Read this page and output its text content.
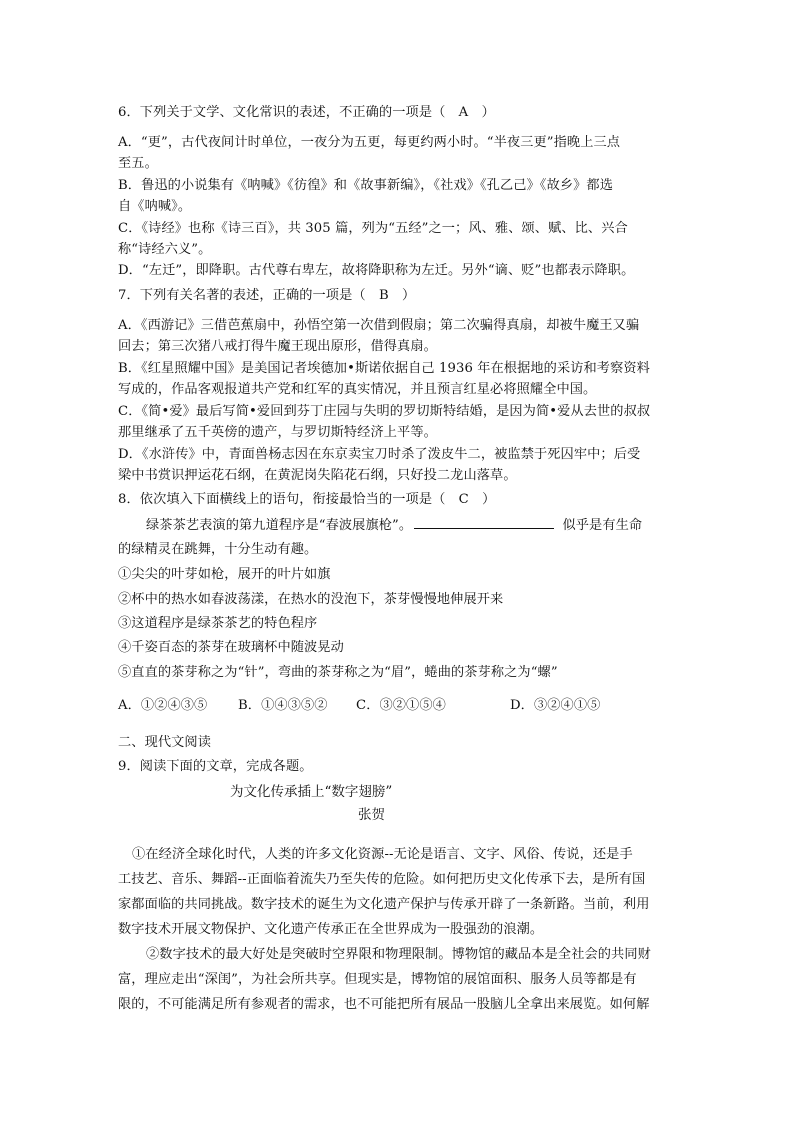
6．下列关于文学、文化常识的表述，不正确的一项是（　A　）
A．“更”，古代夜间计时单位，一夜分为五更，每更约两小时。“半夜三更”指晚上三点
至五。
B．鲁迅的小说集有《呐喊》《彷徨》和《故事新编》，《社戏》《孔乙己》《故乡》都选
自《呐喊》。
C．《诗经》也称《诗三百》，共 305 篇，列为“五经”之一；风、雅、颂、赋、比、兴合
称“诗经六义”。
D．“左迁”，即降职。古代尊右卑左，故将降职称为左迁。另外“谪、贬”也都表示降职。
7．下列有关名著的表述，正确的一项是（　B　）
A．《西游记》三借芭蕉扇中，孙悟空第一次借到假扇；第二次骗得真扇，却被牛魔王又骗
回去；第三次猪八戒打得牛魔王现出原形，借得真扇。
B．《红星照耀中国》是美国记者埃德加•斯诺依据自己 1936 年在根据地的采访和考察资料
写成的，作品客观报道共产党和红军的真实情况，并且预言红星必将照耀全中国。
C．《简•爱》最后写简•爱回到芬丁庄园与失明的罗切斯特结婚，是因为简•爱从去世的叔叔
那里继承了五千英傍的遗产，与罗切斯特经济上平等。
D．《水浒传》中，青面兽杨志因在东京卖宝刀时杀了泼皮牛二，被监禁于死囚牢中；后受
梁中书赏识押运花石纲，在黄泥岗失陷花石纲，只好投二龙山落草。
8．依次填入下面横线上的语句，衔接最恰当的一项是（　C　）
绿茶茶艺表演的第九道程序是“春波展旗枪”。	似乎是有生命
的绿精灵在跳舞，十分生动有趣。
①尖尖的叶芽如枪，展开的叶片如旗
②杯中的热水如春波荡漾，在热水的没泡下，茶芽慢慢地伸展开来
③这道程序是绿茶茶艺的特色程序
④千姿百态的茶芽在玻璃杯中随波晃动
⑤直直的茶芽称之为“针”，弯曲的茶芽称之为“眉”，蜷曲的茶芽称之为“螺”
A．①②④③⑤ B．①④③⑤② C．③②①⑤④	D．③②④①⑤
二、现代文阅读
9．阅读下面的文章，完成各题。
为文化传承插上“数字翅膀”
张贺
①在经济全球化时代，人类的许多文化资源--无论是语言、文字、风俗、传说，还是手
工技艺、音乐、舞蹈--正面临着流失乃至失传的危险。如何把历史文化传承下去，是所有国
家都面临的共同挑战。数字技术的诞生为文化遗产保护与传承开辟了一条新路。当前，利用
数字技术开展文物保护、文化遗产传承正在全世界成为一股强劲的浪潮。
②数字技术的最大好处是突破时空界限和物理限制。博物馆的藏品本是全社会的共同财
富，理应走出“深闺”，为社会所共享。但现实是，博物馆的展馆面积、服务人员等都是有
限的，不可能满足所有参观者的需求，也不可能把所有展品一股脑儿全拿出来展览。如何解
